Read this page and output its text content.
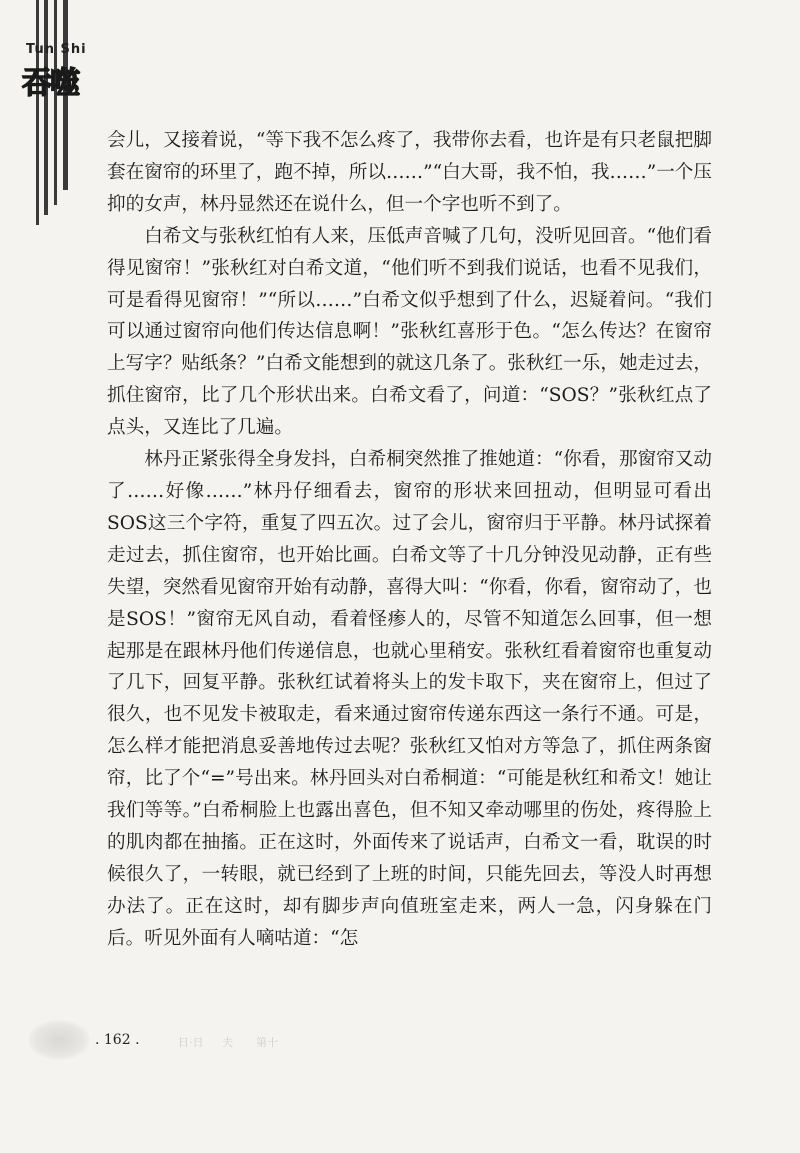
Tun Shi
吞噬

会儿，又接着说，“等下我不怎么疼了，我带你去看，也许是有只老鼠把脚套在窗帘的环里了，跑不掉，所以……”“白大哥，我不怕，我……”一个压抑的女声，林丹显然还在说什么，但一个字也听不到了。

白希文与张秋红怕有人来，压低声音喊了几句，没听见回音。“他们看得见窗帘！”张秋红对白希文道，“他们听不到我们说话，也看不见我们，可是看得见窗帘！”“所以……”白希文似乎想到了什么，迟疑着问。“我们可以通过窗帘向他们传达信息啊！”张秋红喜形于色。“怎么传达？在窗帘上写字？贴纸条？”白希文能想到的就这几条了。张秋红一乐，她走过去，抓住窗帘，比了几个形状出来。白希文看了，问道：“SOS？”张秋红点了点头，又连比了几遍。

林丹正紧张得全身发抖，白希桐突然推了推她道：“你看，那窗帘又动了……好像……”林丹仔细看去，窗帘的形状来回扭动，但明显可看出SOS这三个字符，重复了四五次。过了会儿，窗帘归于平静。林丹试探着走过去，抓住窗帘，也开始比画。白希文等了十几分钟没见动静，正有些失望，突然看见窗帘开始有动静，喜得大叫：“你看，你看，窗帘动了，也是SOS！”窗帘无风自动，看着怪瘆人的，尽管不知道怎么回事，但一想起那是在跟林丹他们传递信息，也就心里稍安。张秋红看着窗帘也重复动了几下，回复平静。张秋红试着将头上的发卡取下，夹在窗帘上，但过了很久，也不见发卡被取走，看来通过窗帘传递东西这一条行不通。可是，怎么样才能把消息妥善地传过去呢？张秋红又怕对方等急了，抓住两条窗帘，比了个“=”号出来。林丹回头对白希桐道：“可能是秋红和希文！她让我们等等。”白希桐脸上也露出喜色，但不知又牵动哪里的伤处，疼得脸上的肌肉都在抽搐。正在这时，外面传来了说话声，白希文一看，耽误的时候很久了，一转眼，就已经到了上班的时间，只能先回去，等没人时再想办法了。正在这时，却有脚步声向值班室走来，两人一急，闪身躲在门后。听见外面有人嘀咕道：“怎

. 162 .	日·日 夫 第十
